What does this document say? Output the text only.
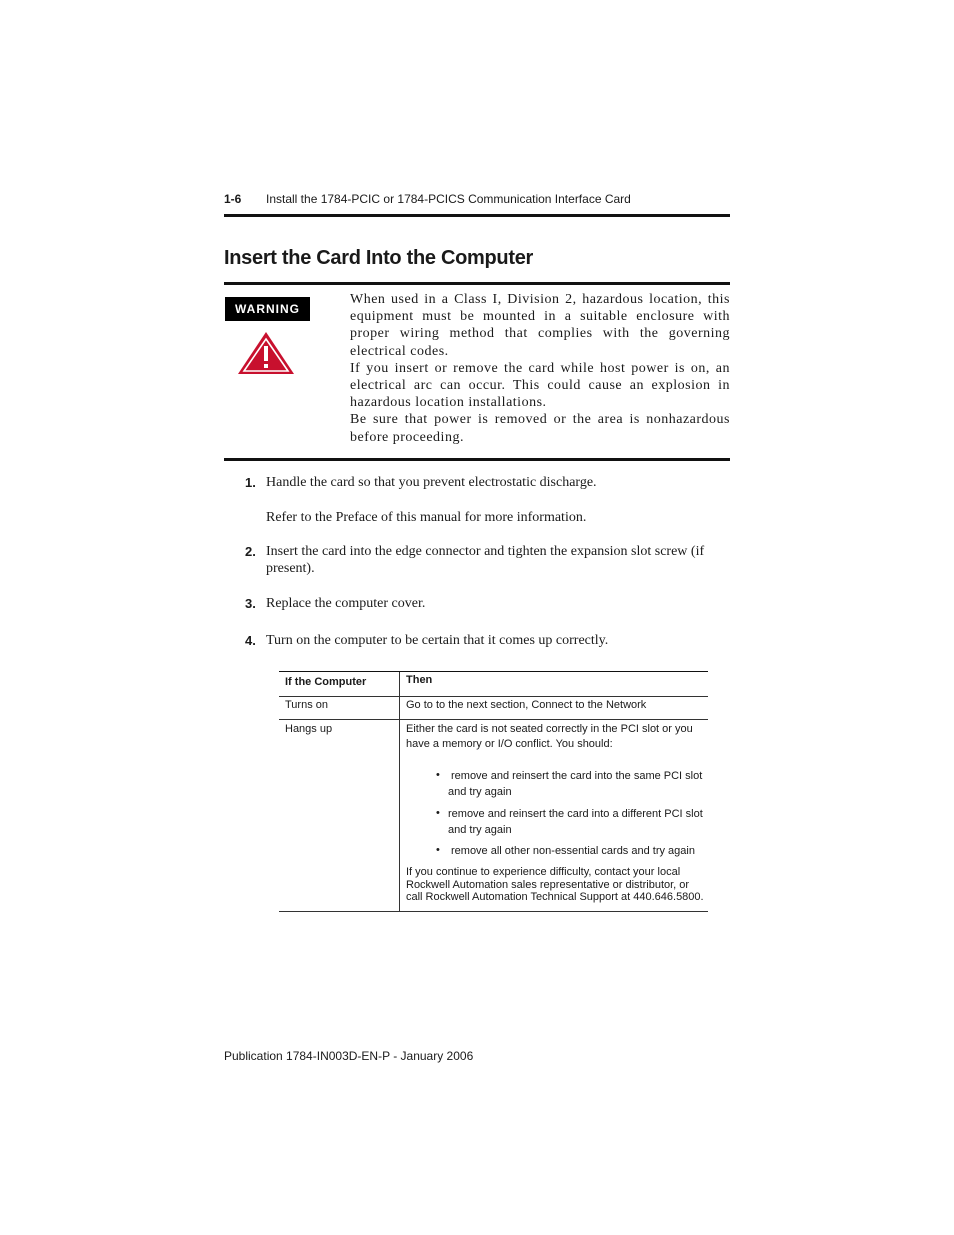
1-6 Install the 1784-PCIC or 1784-PCICS Communication Interface Card
Insert the Card Into the Computer
WARNING

When used in a Class I, Division 2, hazardous location, this equipment must be mounted in a suitable enclosure with proper wiring method that complies with the governing electrical codes.

If you insert or remove the card while host power is on, an electrical arc can occur. This could cause an explosion in hazardous location installations.

Be sure that power is removed or the area is nonhazardous before proceeding.

1. Handle the card so that you prevent electrostatic discharge.
Refer to the Preface of this manual for more information.
2. Insert the card into the edge connector and tighten the expansion slot screw (if present).
3. Replace the computer cover.
4. Turn on the computer to be certain that it comes up correctly.
If the Computer	Then
Turns on	Go to to the next section, Connect to the Network
Hangs up	Either the card is not seated correctly in the PCI slot or you have a memory or I/O conflict. You should:
• remove and reinsert the card into the same PCI slot and try again
• remove and reinsert the card into a different PCI slot and try again
• remove all other non-essential cards and try again
If you continue to experience difficulty, contact your local Rockwell Automation sales representative or distributor, or call Rockwell Automation Technical Support at 440.646.5800.
Publication 1784-IN003D-EN-P - January 2006
